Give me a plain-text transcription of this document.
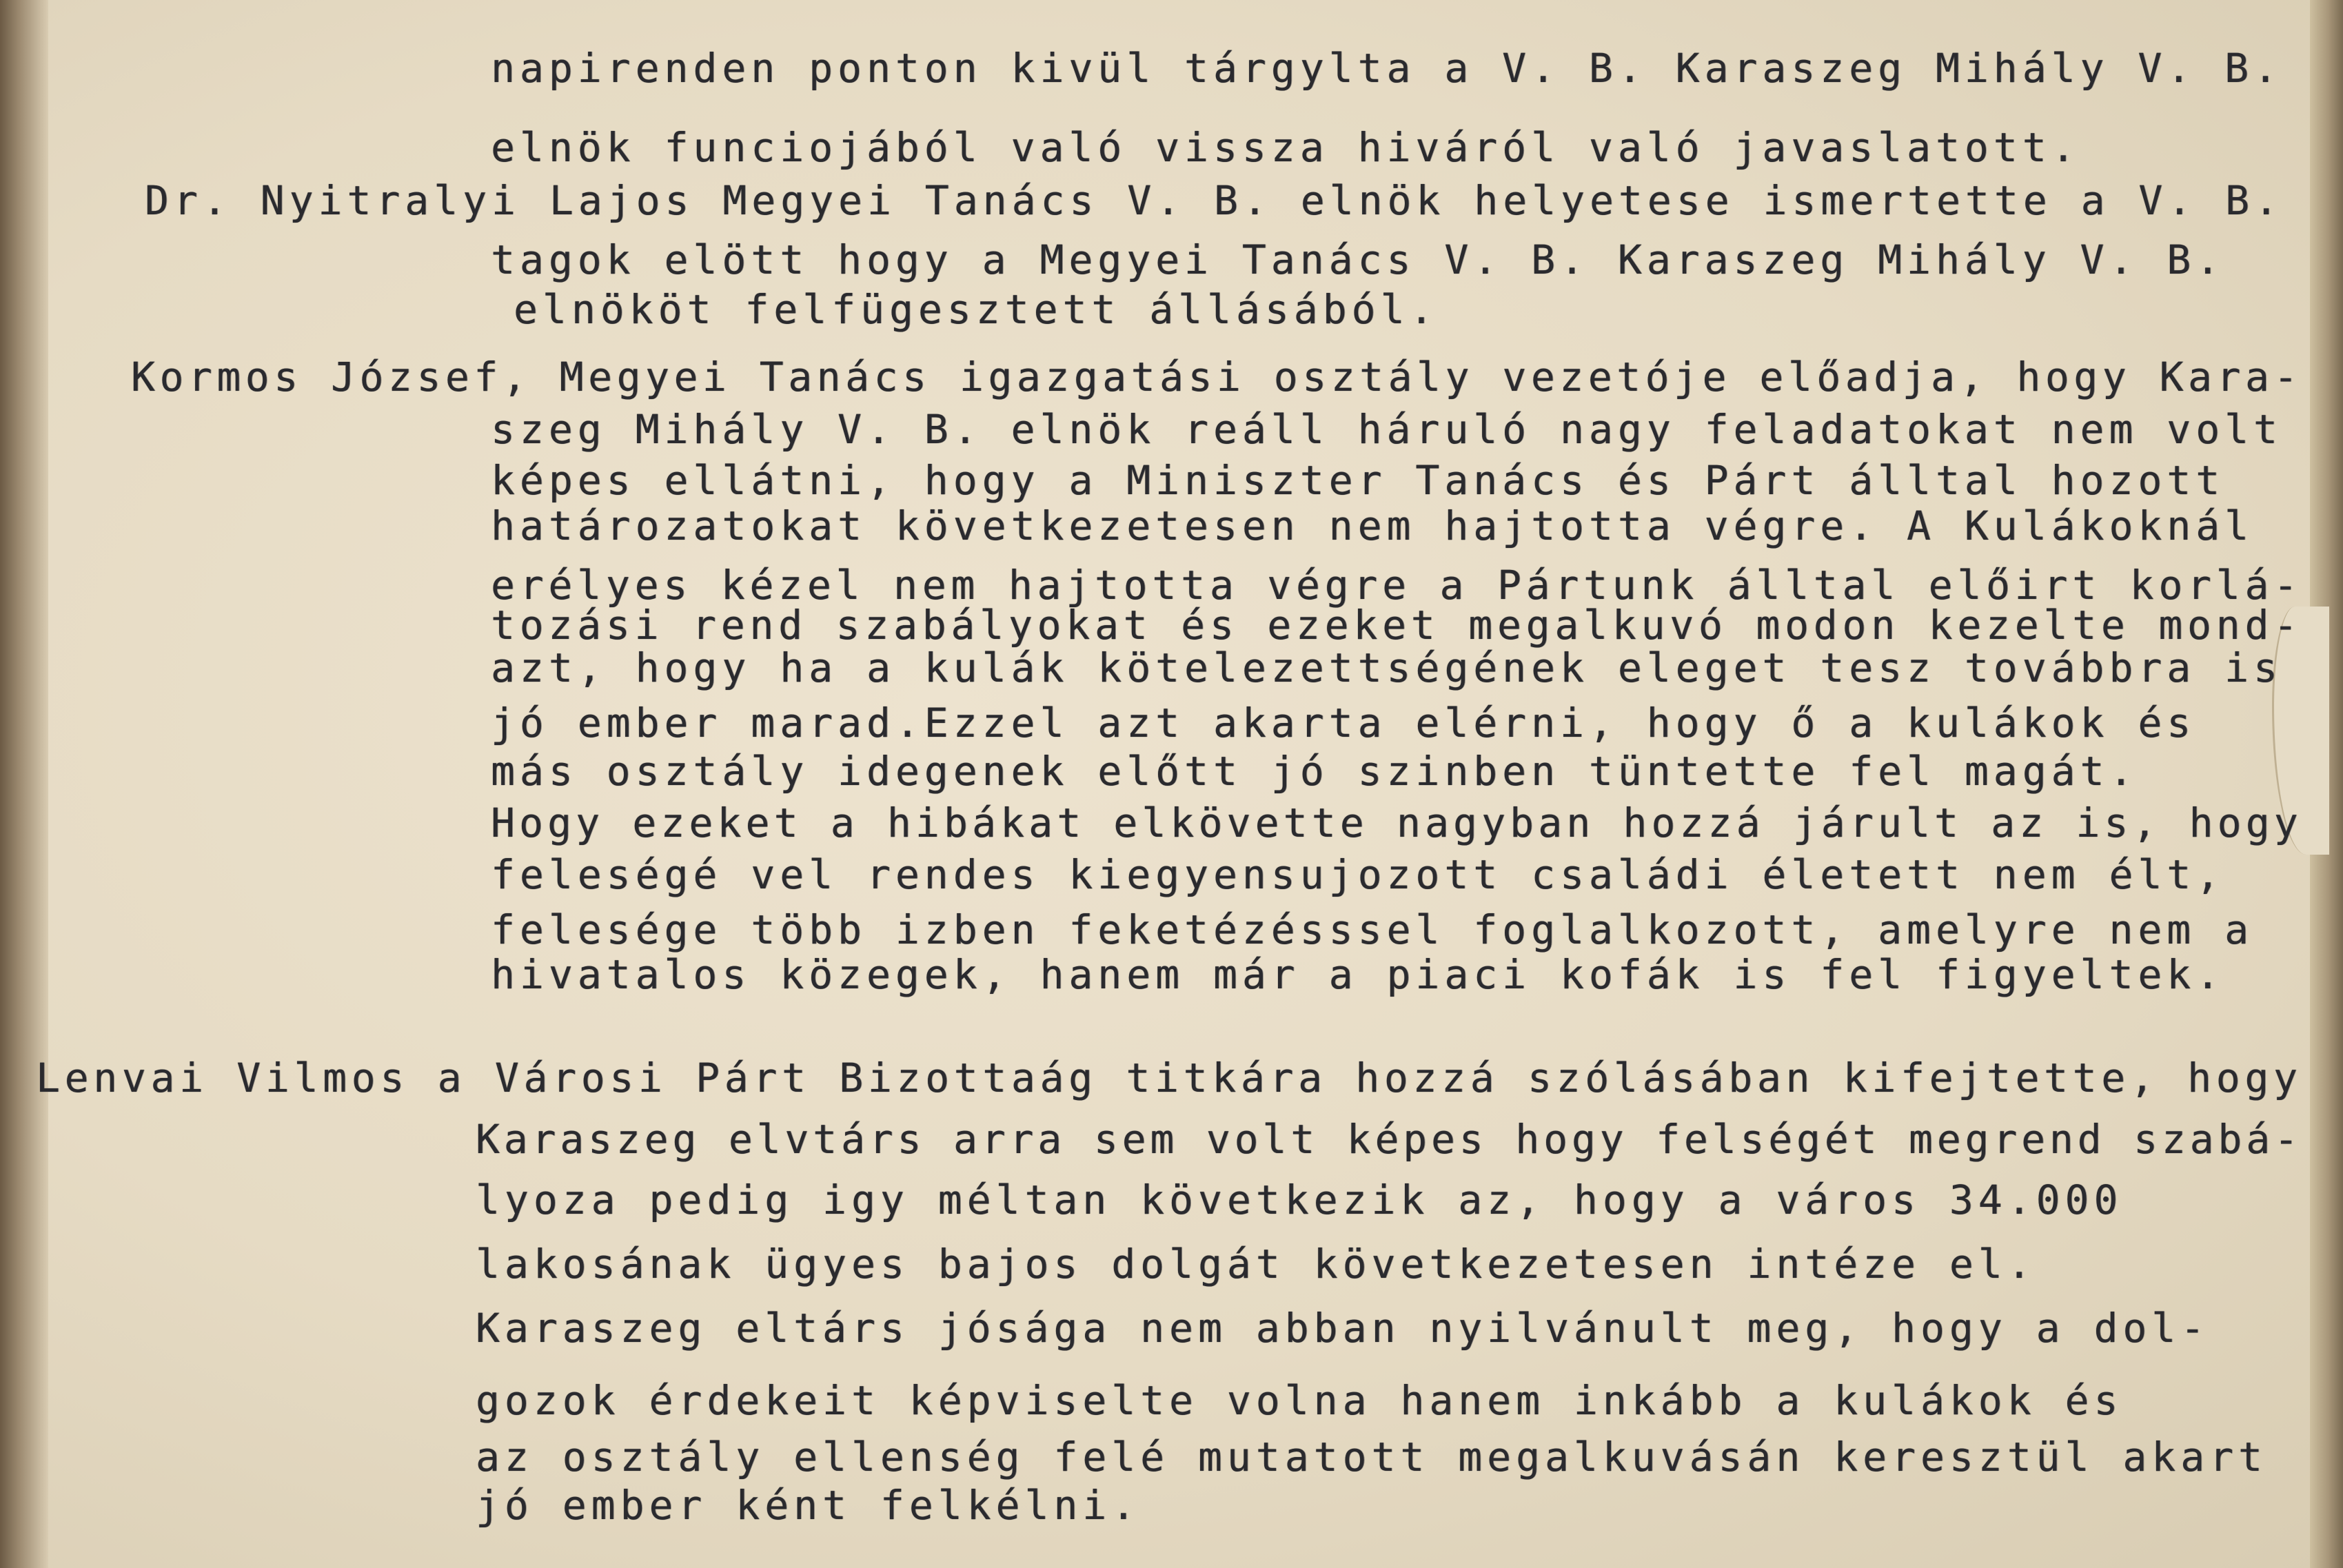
napirenden ponton kivül tárgylta a V. B. Karaszeg Mihály V. B.
elnök funciojából való vissza hiváról való javaslatott.
Dr. Nyitralyi Lajos Megyei Tanács V. B. elnök helyetese ismertette a V. B.
tagok elött hogy a Megyei Tanács V. B. Karaszeg Mihály V. B.
elnököt felfügesztett állásából.
Kormos József, Megyei Tanács igazgatási osztály vezetóje előadja, hogy Kara-
szeg Mihály V. B. elnök reáll háruló nagy feladatokat nem volt
képes ellátni, hogy a Miniszter Tanács és Párt álltal hozott
határozatokat következetesen nem hajtotta végre. A Kulákoknál
erélyes kézel nem hajtotta végre a Pártunk álltal előirt korlá-
tozási rend szabályokat és ezeket megalkuvó modon kezelte mond-
azt, hogy ha a kulák kötelezettségének eleget tesz továbbra is
jó ember marad.Ezzel azt akarta elérni, hogy ő a kulákok és
más osztály idegenek előtt jó szinben tüntette fel magát.
Hogy ezeket a hibákat elkövette nagyban hozzá járult az is, hogy
feleségé vel rendes kiegyensujozott családi életett nem élt,
felesége több izben feketézésssel foglalkozott, amelyre nem a
hivatalos közegek, hanem már a piaci kofák is fel figyeltek.
Lenvai Vilmos a Városi Párt Bizottaág titkára hozzá szólásában kifejtette, hogy
Karaszeg elvtárs arra sem volt képes hogy felségét megrend szabá-
lyoza pedig igy méltan következik az, hogy a város 34.000
lakosának ügyes bajos dolgát következetesen intéze el.
Karaszeg eltárs jósága nem abban nyilvánult meg, hogy a dol-
gozok érdekeit képviselte volna hanem inkább a kulákok és
az osztály ellenség felé mutatott megalkuvásán keresztül akart
jó ember ként felkélni.
